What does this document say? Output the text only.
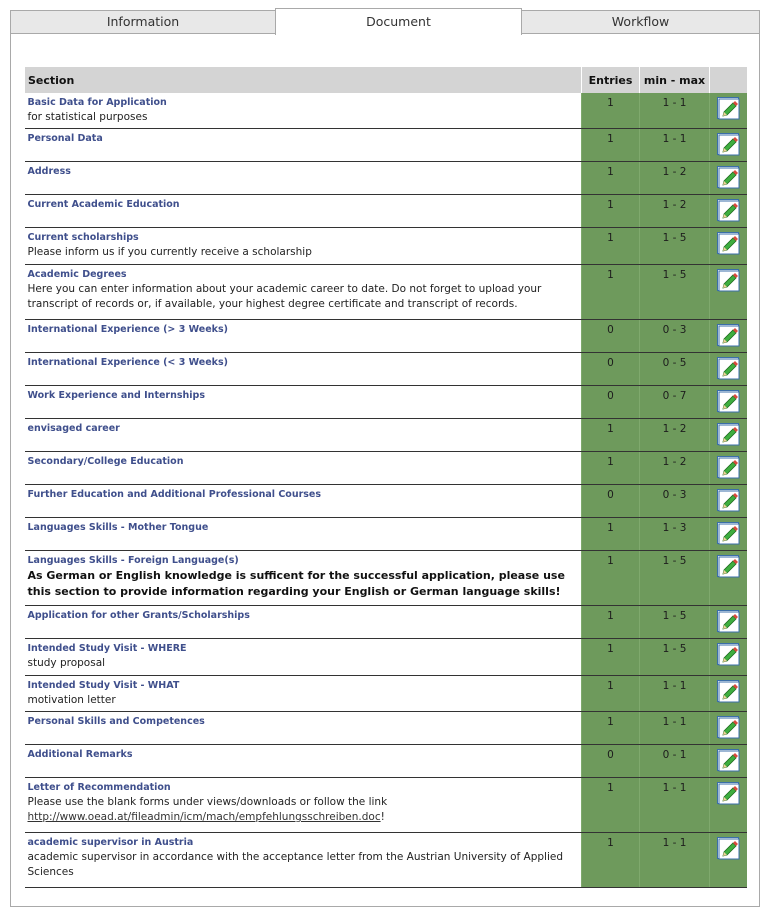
Information	Document	Workflow
Section	Entries	min - max	

Basic Data for Application
for statistical purposes	1	1 - 1	

Personal Data	1	1 - 1	

Address	1	1 - 2	

Current Academic Education	1	1 - 2	

Current scholarships
Please inform us if you currently receive a scholarship	1	1 - 5	

Academic Degrees
Here you can enter information about your academic career to date. Do not forget to upload your transcript of records or, if available, your highest degree certificate and transcript of records.	1	1 - 5	

International Experience (> 3 Weeks)	0	0 - 3	

International Experience (< 3 Weeks)	0	0 - 5	

Work Experience and Internships	0	0 - 7	

envisaged career	1	1 - 2	

Secondary/College Education	1	1 - 2	

Further Education and Additional Professional Courses	0	0 - 3	

Languages Skills - Mother Tongue	1	1 - 3	

Languages Skills - Foreign Language(s)
As German or English knowledge is sufficent for the successful application, please use this section to provide information regarding your English or German language skills!	1	1 - 5	

Application for other Grants/Scholarships	1	1 - 5	

Intended Study Visit - WHERE
study proposal	1	1 - 5	

Intended Study Visit - WHAT
motivation letter	1	1 - 1	

Personal Skills and Competences	1	1 - 1	

Additional Remarks	0	0 - 1	

Letter of Recommendation
Please use the blank forms under views/downloads or follow the link
http://www.oead.at/fileadmin/icm/mach/empfehlungsschreiben.doc!	1	1 - 1	

academic supervisor in Austria
academic supervisor in accordance with the acceptance letter from the Austrian University of Applied Sciences	1	1 - 1	
